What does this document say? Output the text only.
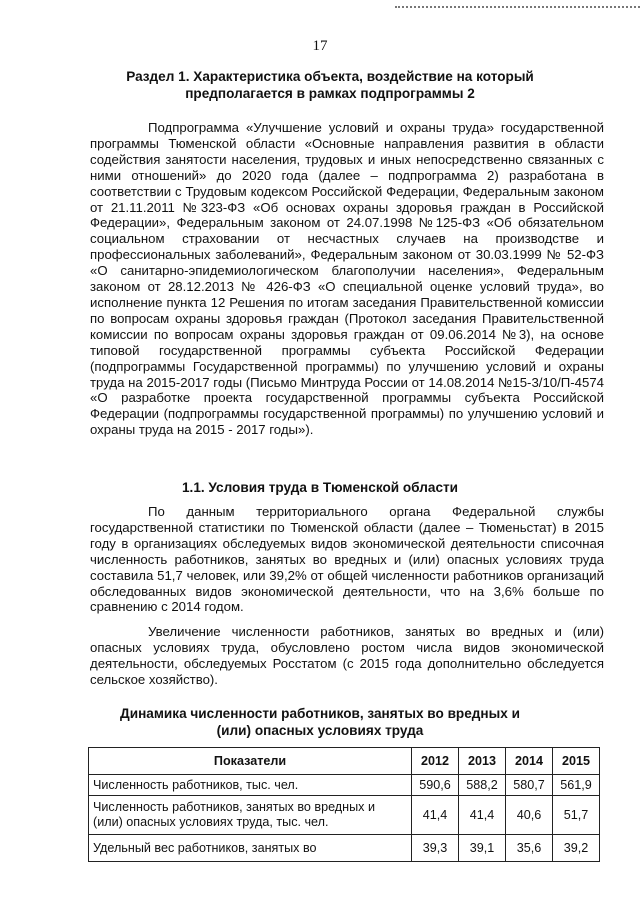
17
Раздел 1. Характеристика объекта, воздействие на который предполагается в рамках подпрограммы 2

Подпрограмма «Улучшение условий и охраны труда» государственной программы Тюменской области «Основные направления развития в области содействия занятости населения, трудовых и иных непосредственно связанных с ними отношений» до 2020 года (далее – подпрограмма 2) разработана в соответствии с Трудовым кодексом Российской Федерации, Федеральным законом от 21.11.2011 №323-ФЗ «Об основах охраны здоровья граждан в Российской Федерации», Федеральным законом от 24.07.1998 №125-ФЗ «Об обязательном социальном страховании от несчастных случаев на производстве и профессиональных заболеваний», Федеральным законом от 30.03.1999 № 52-ФЗ «О санитарно-эпидемиологическом благополучии населения», Федеральным законом от 28.12.2013 № 426-ФЗ «О специальной оценке условий труда», во исполнение пункта 12 Решения по итогам заседания Правительственной комиссии по вопросам охраны здоровья граждан (Протокол заседания Правительственной комиссии по вопросам охраны здоровья граждан от 09.06.2014 №3), на основе типовой государственной программы субъекта Российской Федерации (подпрограммы Государственной программы) по улучшению условий и охраны труда на 2015-2017 годы (Письмо Минтруда России от 14.08.2014 №15-3/10/П-4574 «О разработке проекта государственной программы субъекта Российской Федерации (подпрограммы государственной программы) по улучшению условий и охраны труда на 2015 - 2017 годы»).

1.1. Условия труда в Тюменской области

По данным территориального органа Федеральной службы государственной статистики по Тюменской области (далее – Тюменьстат) в 2015 году в организациях обследуемых видов экономической деятельности списочная численность работников, занятых во вредных и (или) опасных условиях труда составила 51,7 человек, или 39,2% от общей численности работников организаций обследованных видов экономической деятельности, что на 3,6% больше по сравнению с 2014 годом.

Увеличение численности работников, занятых во вредных и (или) опасных условиях труда, обусловлено ростом числа видов экономической деятельности, обследуемых Росстатом (с 2015 года дополнительно обследуется сельское хозяйство).

Динамика численности работников, занятых во вредных и (или) опасных условиях труда
Показатели	2012	2013	2014	2015
Численность работников, тыс. чел.	590,6	588,2	580,7	561,9
Численность работников, занятых во вредных и (или) опасных условиях труда, тыс. чел.	41,4	41,4	40,6	51,7
Удельный вес работников, занятых во	39,3	39,1	35,6	39,2
